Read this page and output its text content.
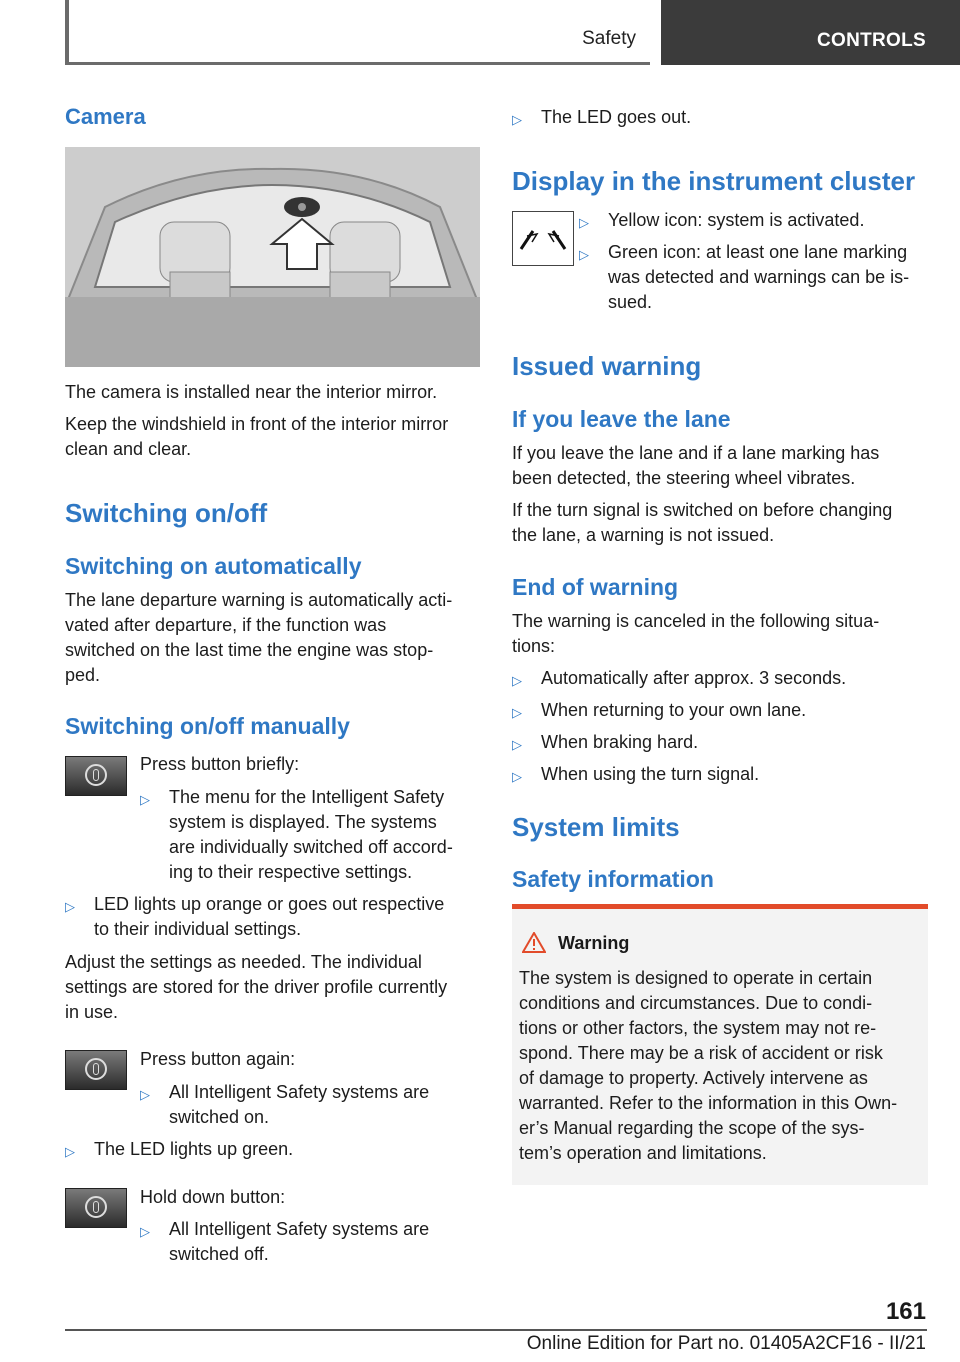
Safety	CONTROLS
Camera

The camera is installed near the interior mirror.

Keep the windshield in front of the interior mirror

clean and clear.

Switching on/off
Switching on automatically

The lane departure warning is automatically acti-

vated after departure, if the function was

switched on the last time the engine was stop-

ped.

Switching on/off manually

Press button briefly:

▷ The menu for the Intelligent Safety
system is displayed. The systems
are individually switched off accord-
ing to their respective settings.
▷ LED lights up orange or goes out respective
to their individual settings.

Adjust the settings as needed. The individual

settings are stored for the driver profile currently

in use.

Press button again:

▷ All Intelligent Safety systems are
switched on.
▷ The LED lights up green.

Hold down button:

▷ All Intelligent Safety systems are
switched off.
▷ The LED goes out.
Display in the instrument cluster
▷ Yellow icon: system is activated.
▷ Green icon: at least one lane marking
was detected and warnings can be is-
sued.
Issued warning
If you leave the lane

If you leave the lane and if a lane marking has

been detected, the steering wheel vibrates.

If the turn signal is switched on before changing

the lane, a warning is not issued.

End of warning

The warning is canceled in the following situa-

tions:

▷ Automatically after approx. 3 seconds.
▷ When returning to your own lane.
▷ When braking hard.
▷ When using the turn signal.
System limits
Safety information

Warning

The system is designed to operate in certain

conditions and circumstances. Due to condi-

tions or other factors, the system may not re-

spond. There may be a risk of accident or risk

of damage to property. Actively intervene as

warranted. Refer to the information in this Own-

er’s Manual regarding the scope of the sys-

tem’s operation and limitations.

161

Online Edition for Part no. 01405A2CF16 - II/21
